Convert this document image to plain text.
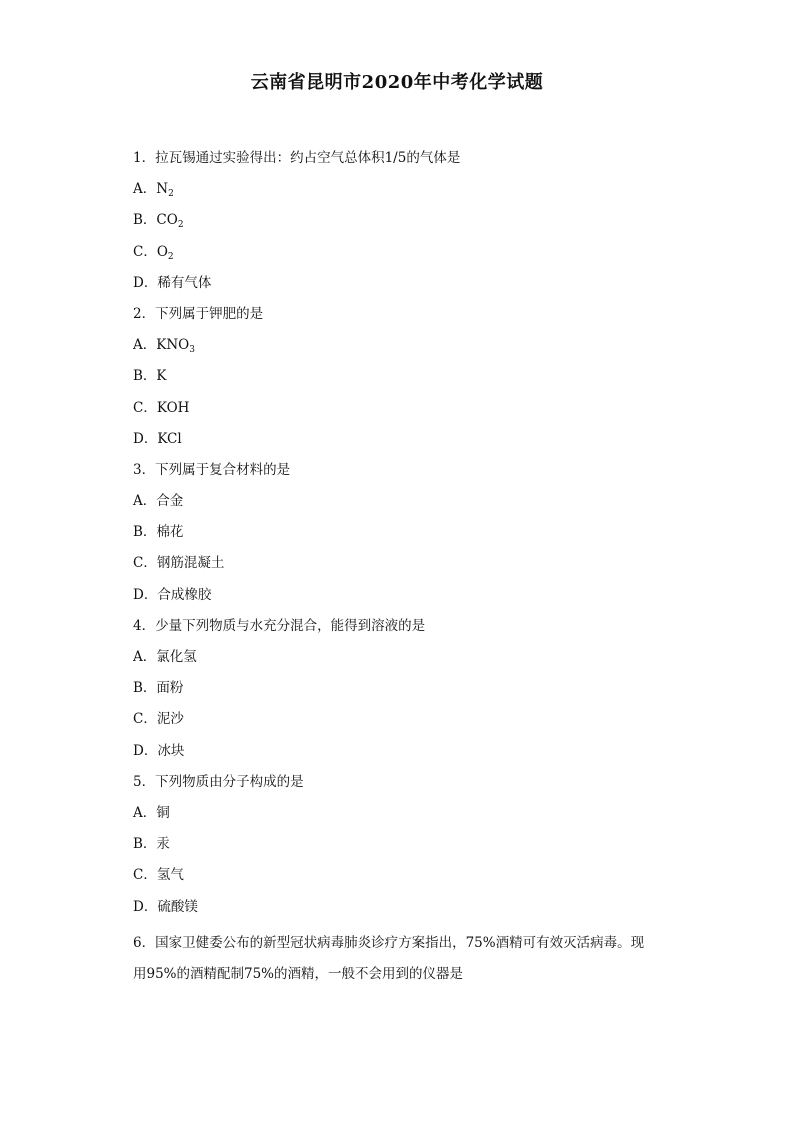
云南省昆明市2020年中考化学试题
1．拉瓦锡通过实验得出：约占空气总体积1/5的气体是
A．$N_2$
B．$CO_2$
C．$O_2$
D．稀有气体
2．下列属于钾肥的是
A．$KNO_3$
B．K
C．KOH
D．KCl
3．下列属于复合材料的是
A．合金
B．棉花
C．钢筋混凝土
D．合成橡胶
4．少量下列物质与水充分混合，能得到溶液的是
A．氯化氢
B．面粉
C．泥沙
D．冰块
5．下列物质由分子构成的是
A．铜
B．汞
C．氢气
D．硫酸镁
6．国家卫健委公布的新型冠状病毒肺炎诊疗方案指出，75%酒精可有效灭活病毒。现
用95%的酒精配制75%的酒精，一般不会用到的仪器是
